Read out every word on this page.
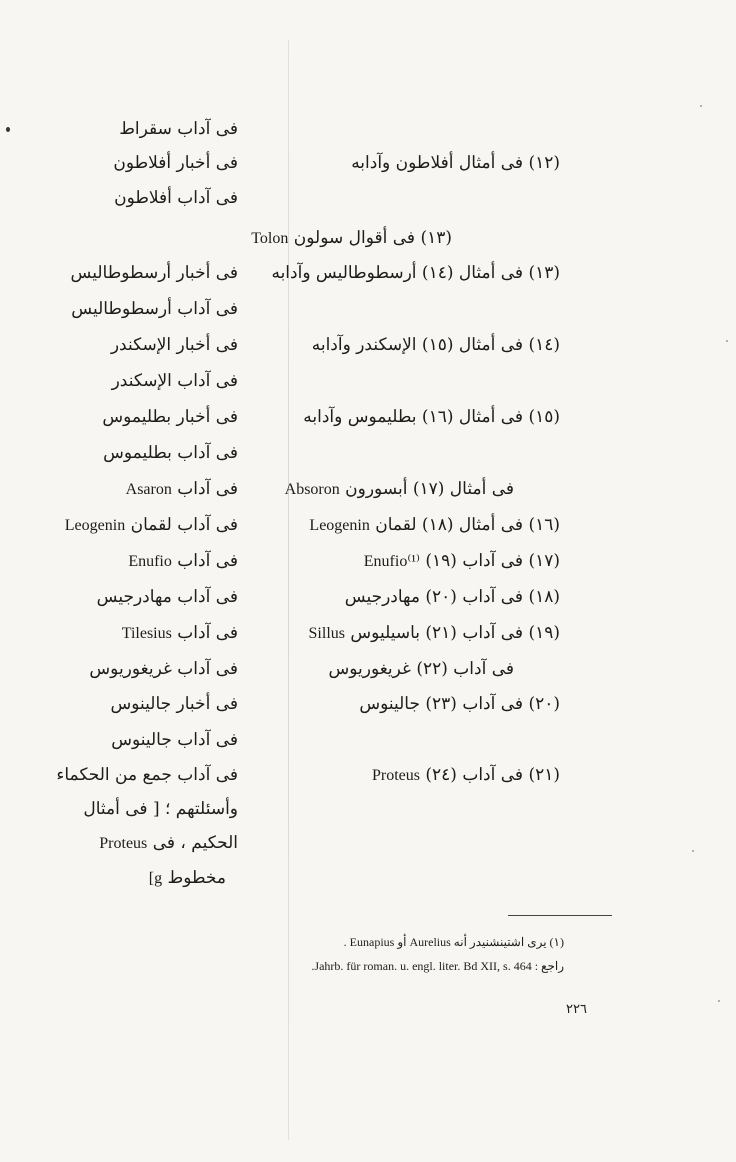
(١٢) فى أمثال أفلاطون وآدابه
(١٣) فى أقوال سولون Tolon
(١٣) فى أمثال (١٤) أرسطوطاليس وآدابه
(١٤) فى أمثال (١٥) الإسكندر وآدابه
(١٥) فى أمثال (١٦) بطليموس وآدابه
فى أمثال (١٧) أبسورون Absoron
(١٦) فى أمثال (١٨) لقمان Leogenin
(١٧) فى آداب (١٩) Enufio⁽¹⁾
(١٨) فى آداب (٢٠) مهادرجيس
(١٩) فى آداب (٢١) باسيليوس Sillus
فى آداب (٢٢) غريغوريوس
(٢٠) فى آداب (٢٣) جالينوس
(٢١) فى آداب (٢٤) Proteus
فى آداب سقراط
فى أخبار أفلاطون
فى آداب أفلاطون
فى أخبار أرسطوطاليس
فى آداب أرسطوطاليس
فى أخبار الإسكندر
فى آداب الإسكندر
فى أخبار بطليموس
فى آداب بطليموس
فى آداب Asaron
فى آداب لقمان Leogenin
فى آداب Enufio
فى آداب مهادرجيس
فى آداب Tilesius
فى آداب غريغوريوس
فى أخبار جالينوس
فى آداب جالينوس
فى آداب جمع من الحكماء
وأسئلتهم ؛ [ فى أمثال
الحكيم ، فى Proteus
مخطوط [g
(١) يرى اشتينشنيدر أنه Aurelius أو Eunapius .
راجع : Jahrb. für roman. u. engl. liter. Bd XII, s. 464.
٢٢٦
